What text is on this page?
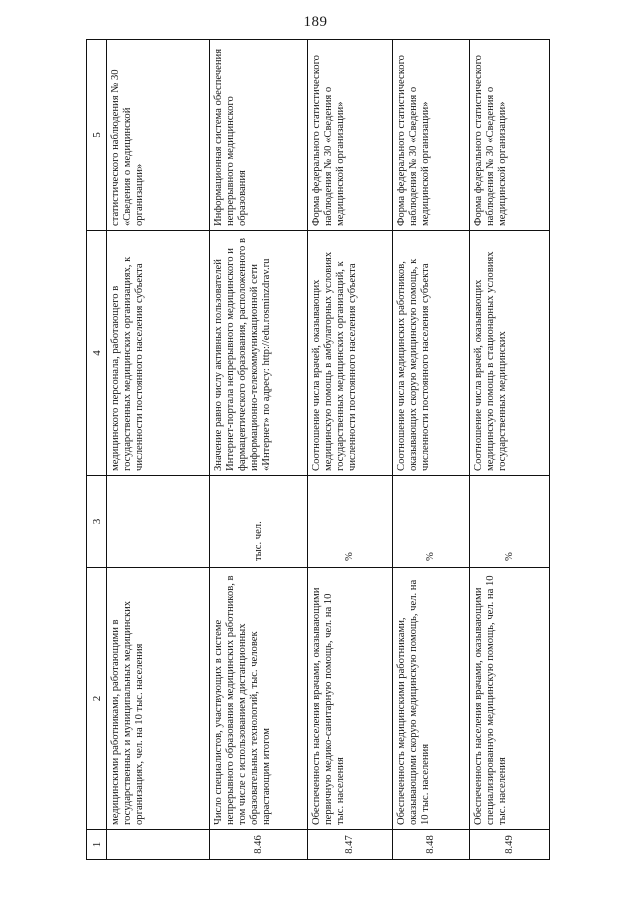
189
1	2	3	4	5
	медицинскими работниками, работающими в государственных и муниципальных медицинских организациях, чел. на 10 тыс. населения		медицинского персонала, работающего в государственных медицинских организациях, к численности постоянного населения субъекта	статистического наблюдения № 30 «Сведения о медицинской организации»
8.46	Число специалистов, участвующих в системе непрерывного образования медицинских работников, в том числе с использованием дистанционных образовательных технологий, тыс. человек нарастающим итогом	тыс. чел.	Значение равно числу активных пользователей Интернет-портала непрерывного медицинского и фармацевтического образования, расположенного в информационно-телекоммуникационной сети «Интернет» по адресу: http://edu.rosminzdrav.ru	Информационная система обеспечения непрерывного медицинского образования
8.47	Обеспеченность населения врачами, оказывающими первичную медико-санитарную помощь, чел. на 10 тыс. населения	%	Соотношение числа врачей, оказывающих медицинскую помощь в амбулаторных условиях государственных медицинских организаций, к численности постоянного населения субъекта	Форма федерального статистического наблюдения № 30 «Сведения о медицинской организации»
8.48	Обеспеченность медицинскими работниками, оказывающими скорую медицинскую помощь, чел. на 10 тыс. населения	%	Соотношение числа медицинских работников, оказывающих скорую медицинскую помощь, к численности постоянного населения субъекта	Форма федерального статистического наблюдения № 30 «Сведения о медицинской организации»
8.49	Обеспеченность населения врачами, оказывающими специализированную медицинскую помощь, чел. на 10 тыс. населения	%	Соотношение числа врачей, оказывающих медицинскую помощь в стационарных условиях государственных медицинских	Форма федерального статистического наблюдения № 30 «Сведения о медицинской организации»
